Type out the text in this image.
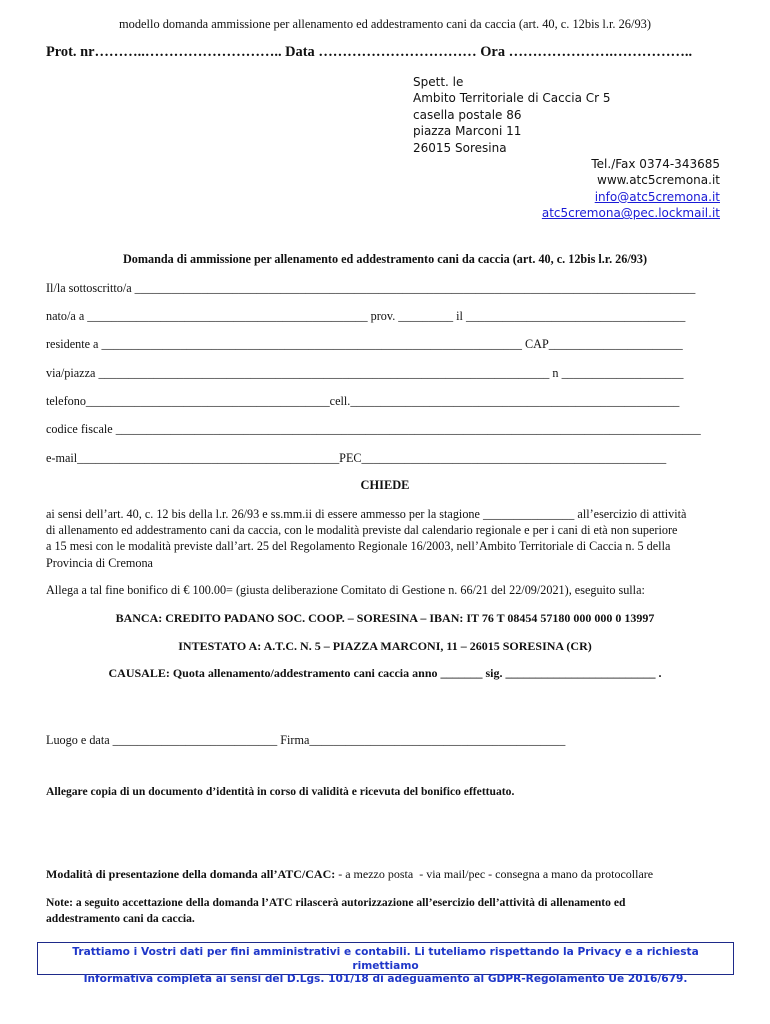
modello domanda ammissione per allenamento ed addestramento cani da caccia (art. 40, c. 12bis l.r. 26/93)
Prot. nr………..……………………….. Data …………………………… Ora ………………….……………..
Spett. le
Ambito Territoriale di Caccia Cr 5
casella postale 86
piazza Marconi 11
26015 Soresina
Tel./Fax 0374-343685
www.atc5cremona.it
info@atc5cremona.it
atc5cremona@pec.lockmail.it
Domanda di ammissione per allenamento ed addestramento cani da caccia (art. 40, c. 12bis l.r. 26/93)
Il/la sottoscritto/a ____________________________________________________________________________________________
nato/a a ______________________________________________ prov. _________ il ____________________________________
residente a _____________________________________________________________________ CAP______________________
via/piazza __________________________________________________________________________ n ____________________
telefono________________________________________cell.______________________________________________________
codice fiscale ________________________________________________________________________________________________
e-mail___________________________________________PEC__________________________________________________
CHIEDE
ai sensi dell’art. 40, c. 12 bis della l.r. 26/93 e ss.mm.ii di essere ammesso per la stagione _______________ all’esercizio di attività
di allenamento ed addestramento cani da caccia, con le modalità previste dal calendario regionale e per i cani di età non superiore
a 15 mesi con le modalità previste dall’art. 25 del Regolamento Regionale 16/2003, nell’Ambito Territoriale di Caccia n. 5 della
Provincia di Cremona
Allega a tal fine bonifico di € 100.00= (giusta deliberazione Comitato di Gestione n. 66/21 del 22/09/2021), eseguito sulla:
BANCA: CREDITO PADANO SOC. COOP. – SORESINA – IBAN: IT 76 T 08454 57180 000 000 0 13997
INTESTATO A: A.T.C. N. 5 – PIAZZA MARCONI, 11 – 26015 SORESINA (CR)
CAUSALE: Quota allenamento/addestramento cani caccia anno _______ sig. _________________________ .
Luogo e data ___________________________ Firma__________________________________________
Allegare copia di un documento d’identità in corso di validità e ricevuta del bonifico effettuato.
Modalità di presentazione della domanda all’ATC/CAC: - a mezzo posta  - via mail/pec - consegna a mano da protocollare
Note: a seguito accettazione della domanda l’ATC rilascerà autorizzazione all’esercizio dell’attività di allenamento ed
addestramento cani da caccia.
Trattiamo i Vostri dati per fini amministrativi e contabili. Li tuteliamo rispettando la Privacy e a richiesta rimettiamo
Informativa completa ai sensi del D.Lgs. 101/18 di adeguamento al GDPR-Regolamento Ue 2016/679.
